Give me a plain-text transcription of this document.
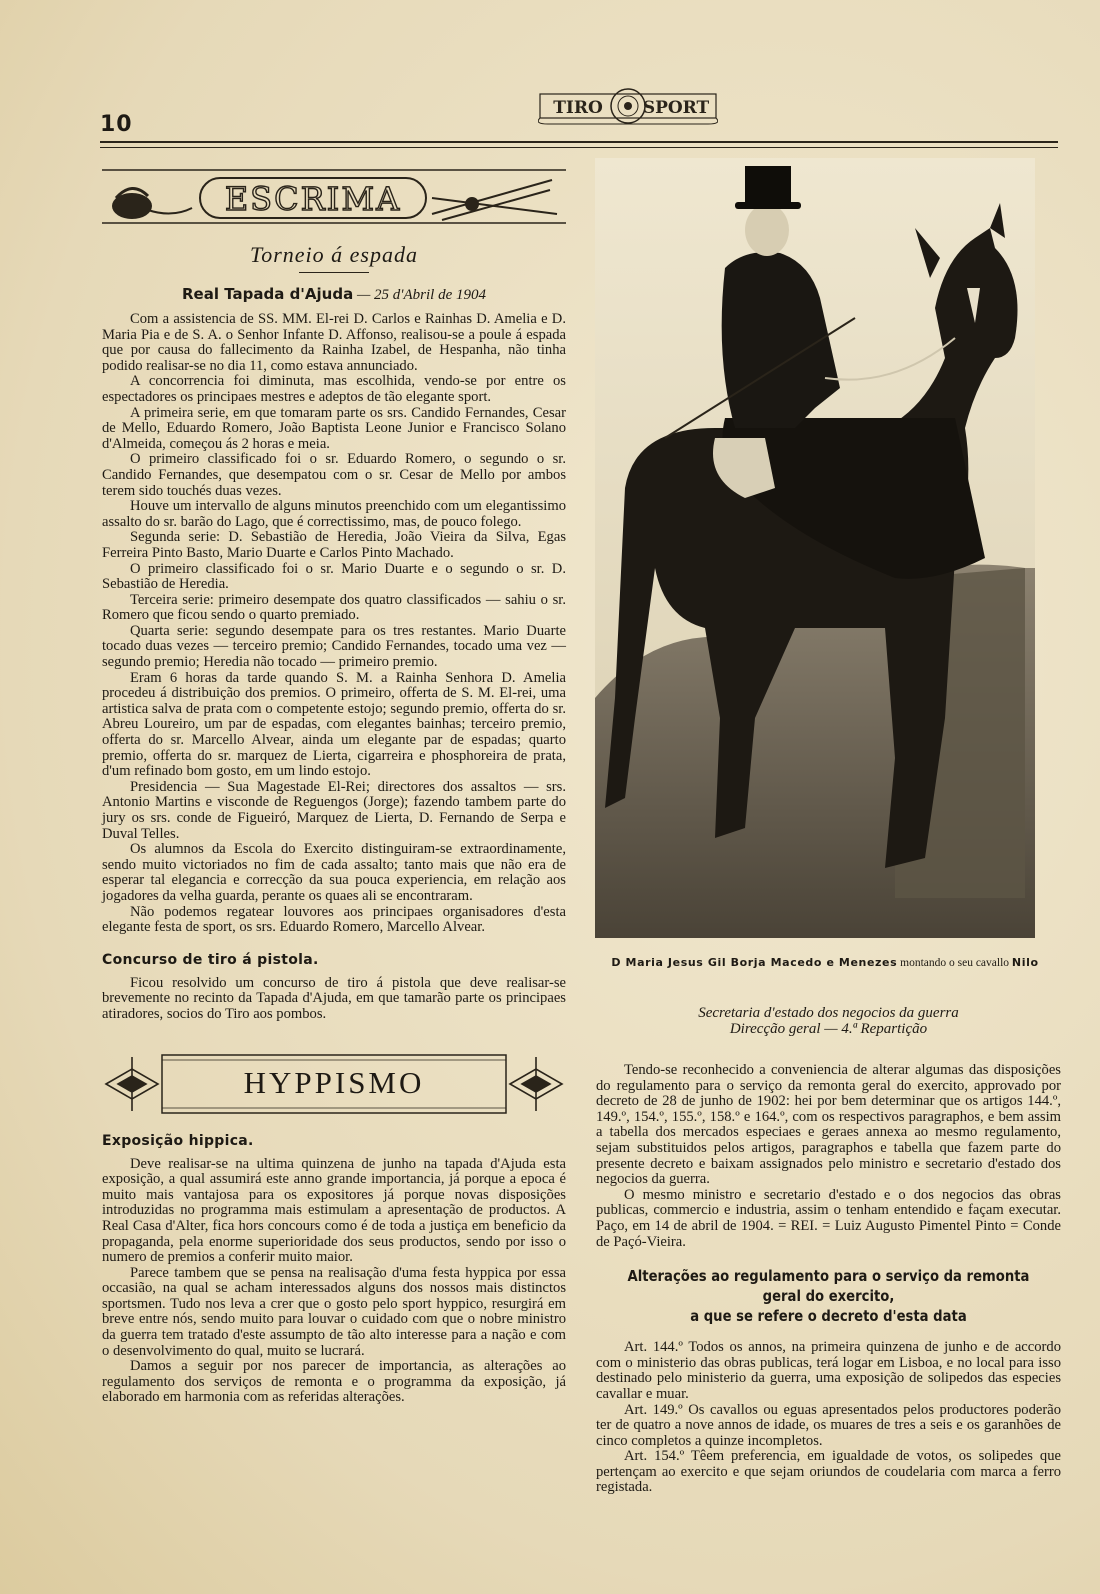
10
TIRO SPORT
ESCRIMA
Torneio á espada
Real Tapada d'Ajuda — 25 d'Abril de 1904

Com a assistencia de SS. MM. El-rei D. Carlos e Rainhas D. Amelia e D. Maria Pia e de S. A. o Senhor Infante D. Affonso, realisou-se a poule á espada que por causa do fallecimento da Rainha Izabel, de Hespanha, não tinha podido realisar-se no dia 11, como estava annunciado.

A concorrencia foi diminuta, mas escolhida, vendo-se por entre os espectadores os principaes mestres e adeptos de tão elegante sport.

A primeira serie, em que tomaram parte os srs. Candido Fernandes, Cesar de Mello, Eduardo Romero, João Baptista Leone Junior e Francisco Solano d'Almeida, começou ás 2 horas e meia.

O primeiro classificado foi o sr. Eduardo Romero, o segundo o sr. Candido Fernandes, que desempatou com o sr. Cesar de Mello por ambos terem sido touchés duas vezes.

Houve um intervallo de alguns minutos preenchido com um elegantissimo assalto do sr. barão do Lago, que é correctissimo, mas, de pouco folego.

Segunda serie: D. Sebastião de Heredia, João Vieira da Silva, Egas Ferreira Pinto Basto, Mario Duarte e Carlos Pinto Machado.

O primeiro classificado foi o sr. Mario Duarte e o segundo o sr. D. Sebastião de Heredia.

Terceira serie: primeiro desempate dos quatro classificados — sahiu o sr. Romero que ficou sendo o quarto premiado.

Quarta serie: segundo desempate para os tres restantes. Mario Duarte tocado duas vezes — terceiro premio; Candido Fernandes, tocado uma vez — segundo premio; Heredia não tocado — primeiro premio.

Eram 6 horas da tarde quando S. M. a Rainha Senhora D. Amelia procedeu á distribuição dos premios. O primeiro, offerta de S. M. El-rei, uma artistica salva de prata com o competente estojo; segundo premio, offerta do sr. Abreu Loureiro, um par de espadas, com elegantes bainhas; terceiro premio, offerta do sr. Marcello Alvear, ainda um elegante par de espadas; quarto premio, offerta do sr. marquez de Lierta, cigarreira e phosphoreira de prata, d'um refinado bom gosto, em um lindo estojo.

Presidencia — Sua Magestade El-Rei; directores dos assaltos — srs. Antonio Martins e visconde de Reguengos (Jorge); fazendo tambem parte do jury os srs. conde de Figueiró, Marquez de Lierta, D. Fernando de Serpa e Duval Telles.

Os alumnos da Escola do Exercito distinguiram-se extraordinamente, sendo muito victoriados no fim de cada assalto; tanto mais que não era de esperar tal elegancia e correcção da sua pouca experiencia, em relação aos jogadores da velha guarda, perante os quaes ali se encontraram.

Não podemos regatear louvores aos principaes organisadores d'esta elegante festa de sport, os srs. Eduardo Romero, Marcello Alvear.

Concurso de tiro á pistola.

Ficou resolvido um concurso de tiro á pistola que deve realisar-se brevemente no recinto da Tapada d'Ajuda, em que tamarão parte os principaes atiradores, socios do Tiro aos pombos.

HYPPISMO
Exposição hippica.

Deve realisar-se na ultima quinzena de junho na tapada d'Ajuda esta exposição, a qual assumirá este anno grande importancia, já porque a epoca é muito mais vantajosa para os expositores já porque novas disposições introduzidas no programma mais estimulam a apresentação de productos. A Real Casa d'Alter, fica hors concours como é de toda a justiça em beneficio da propaganda, pela enorme superioridade dos seus productos, sendo por isso o numero de premios a conferir muito maior.

Parece tambem que se pensa na realisação d'uma festa hyppica por essa occasião, na qual se acham interessados alguns dos nossos mais distinctos sportsmen. Tudo nos leva a crer que o gosto pelo sport hyppico, resurgirá em breve entre nós, sendo muito para louvar o cuidado com que o nobre ministro da guerra tem tratado d'este assumpto de tão alto interesse para a nação e com o desenvolvimento do qual, muito se lucrará.

Damos a seguir por nos parecer de importancia, as alterações ao regulamento dos serviços de remonta e o programma da exposição, já elaborado em harmonia com as referidas alterações.

D Maria Jesus Gil Borja Macedo e Menezes montando o seu cavallo Nilo
Secretaria d'estado dos negocios da guerra
Direcção geral — 4.ª Repartição

Tendo-se reconhecido a conveniencia de alterar algumas das disposições do regulamento para o serviço da remonta geral do exercito, approvado por decreto de 28 de junho de 1902: hei por bem determinar que os artigos 144.º, 149.º, 154.º, 155.º, 158.º e 164.º, com os respectivos paragraphos, e bem assim a tabella dos mercados especiaes e geraes annexa ao mesmo regulamento, sejam substituidos pelos artigos, paragraphos e tabella que fazem parte do presente decreto e baixam assignados pelo ministro e secretario d'estado dos negocios da guerra.

O mesmo ministro e secretario d'estado e o dos negocios das obras publicas, commercio e industria, assim o tenham entendido e façam executar. Paço, em 14 de abril de 1904. = REI. = Luiz Augusto Pimentel Pinto = Conde de Paçó-Vieira.

Alterações ao regulamento para o serviço da remonta geral do exercito,
a que se refere o decreto d'esta data

Art. 144.º Todos os annos, na primeira quinzena de junho e de accordo com o ministerio das obras publicas, terá logar em Lisboa, e no local para isso destinado pelo ministerio da guerra, uma exposição de solipedos das especies cavallar e muar.

Art. 149.º Os cavallos ou eguas apresentados pelos productores poderão ter de quatro a nove annos de idade, os muares de tres a seis e os garanhões de cinco completos a quinze incompletos.

Art. 154.º Têem preferencia, em igualdade de votos, os solipedes que pertençam ao exercito e que sejam oriundos de coudelaria com marca a ferro registada.
